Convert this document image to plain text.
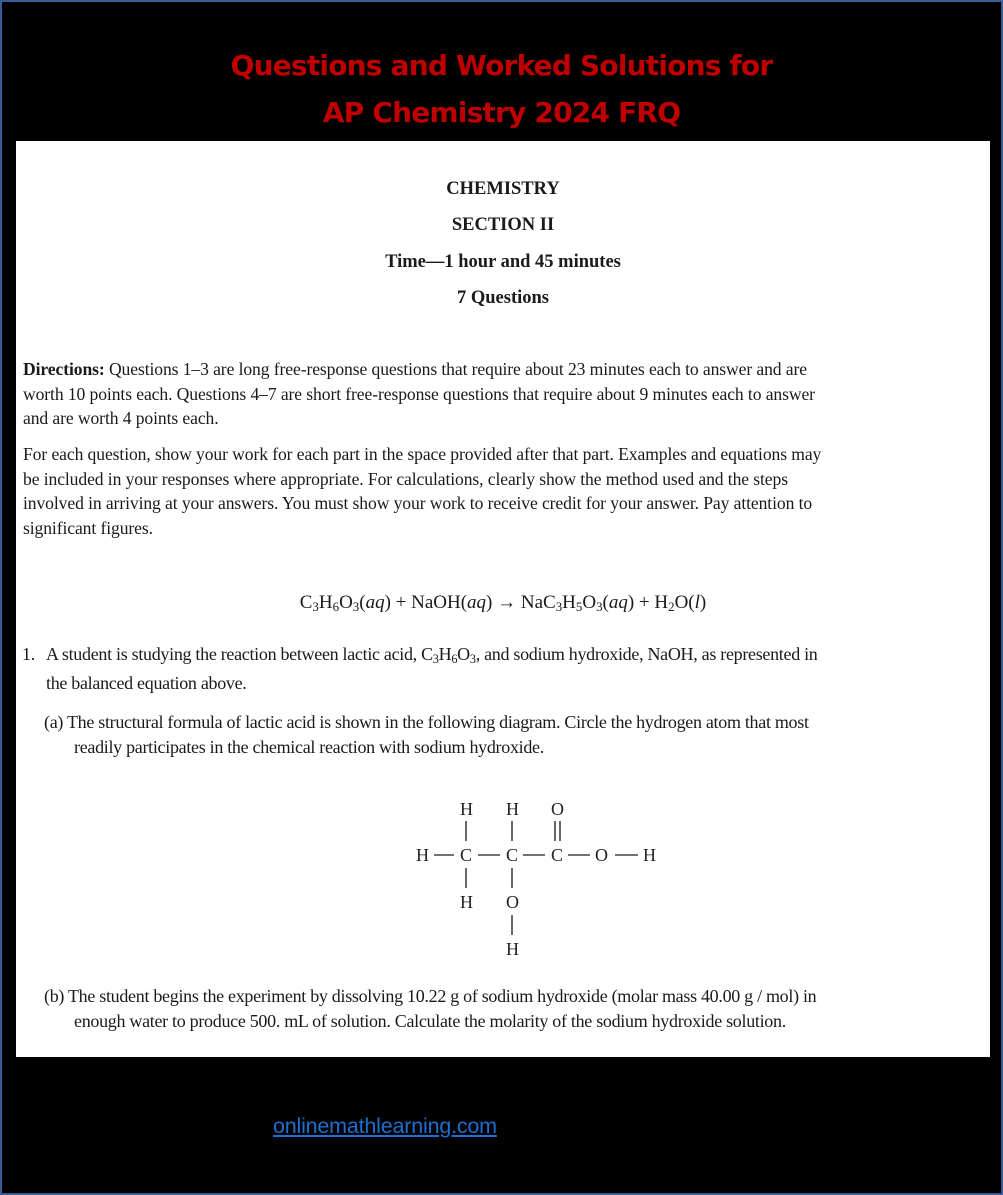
Questions and Worked Solutions for
AP Chemistry 2024 FRQ
CHEMISTRY
SECTION II
Time—1 hour and 45 minutes
7 Questions
Directions: Questions 1–3 are long free-response questions that require about 23 minutes each to answer and are
worth 10 points each. Questions 4–7 are short free-response questions that require about 9 minutes each to answer
and are worth 4 points each.
For each question, show your work for each part in the space provided after that part. Examples and equations may
be included in your responses where appropriate. For calculations, clearly show the method used and the steps
involved in arriving at your answers. You must show your work to receive credit for your answer. Pay attention to
significant figures.
$C_3H_6O_3(aq)$ + NaOH(aq) → $NaC_3H_5O_3(aq) + H_2O(l)$
1. A student is studying the reaction between lactic acid, $C_3H_6O_3$, and sodium hydroxide, NaOH, as represented in
the balanced equation above.
(a) The structural formula of lactic acid is shown in the following diagram. Circle the hydrogen atom that most
readily participates in the chemical reaction with sodium hydroxide.
H H O
H C C C O H
H O
H
(b) The student begins the experiment by dissolving 10.22 g of sodium hydroxide (molar mass 40.00 g / mol) in
enough water to produce 500. mL of solution. Calculate the molarity of the sodium hydroxide solution.
onlinemathlearning.com
